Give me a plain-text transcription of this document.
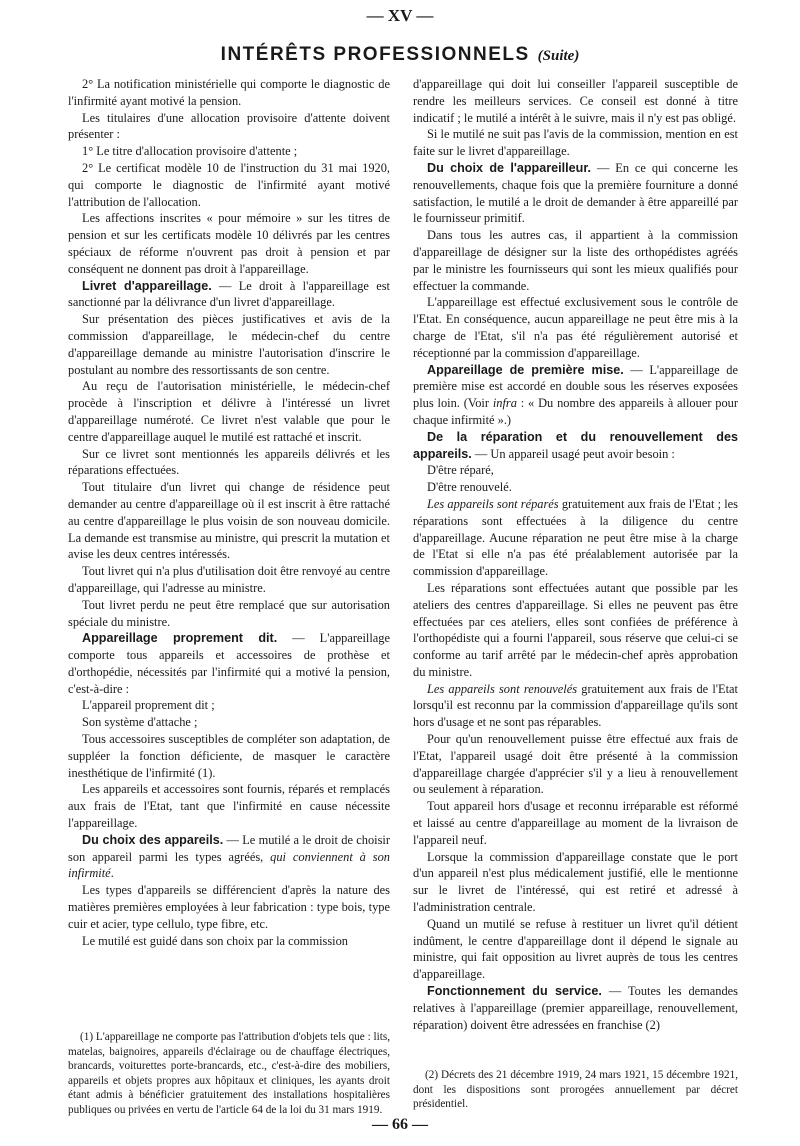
— XV —
INTÉRÊTS PROFESSIONNELS (Suite)

2° La notification ministérielle qui comporte le diagnostic de l'infirmité ayant motivé la pension.

Les titulaires d'une allocation provisoire d'attente doivent présenter :

1° Le titre d'allocation provisoire d'attente ;

2° Le certificat modèle 10 de l'instruction du 31 mai 1920, qui comporte le diagnostic de l'infirmité ayant motivé l'attribution de l'allocation.

Les affections inscrites « pour mémoire » sur les titres de pension et sur les certificats modèle 10 délivrés par les centres spéciaux de réforme n'ouvrent pas droit à pension et par conséquent ne donnent pas droit à l'appareillage.

Livret d'appareillage. — Le droit à l'appareillage est sanctionné par la délivrance d'un livret d'appareillage.

Sur présentation des pièces justificatives et avis de la commission d'appareillage, le médecin-chef du centre d'appareillage demande au ministre l'autorisation d'inscrire le postulant au nombre des ressortissants de son centre.

Au reçu de l'autorisation ministérielle, le médecin-chef procède à l'inscription et délivre à l'intéressé un livret d'appareillage numéroté. Ce livret n'est valable que pour le centre d'appareillage auquel le mutilé est rattaché et inscrit.

Sur ce livret sont mentionnés les appareils délivrés et les réparations effectuées.

Tout titulaire d'un livret qui change de résidence peut demander au centre d'appareillage où il est inscrit à être rattaché au centre d'appareillage le plus voisin de son nouveau domicile. La demande est transmise au ministre, qui prescrit la mutation et avise les deux centres intéressés.

Tout livret qui n'a plus d'utilisation doit être renvoyé au centre d'appareillage, qui l'adresse au ministre.

Tout livret perdu ne peut être remplacé que sur autorisation spéciale du ministre.

Appareillage proprement dit. — L'appareillage comporte tous appareils et accessoires de prothèse et d'orthopédie, nécessités par l'infirmité qui a motivé la pension, c'est-à-dire :

L'appareil proprement dit ;

Son système d'attache ;

Tous accessoires susceptibles de compléter son adaptation, de suppléer la fonction déficiente, de masquer le caractère inesthétique de l'infirmité (1).

Les appareils et accessoires sont fournis, réparés et remplacés aux frais de l'Etat, tant que l'infirmité en cause nécessite l'appareillage.

Du choix des appareils. — Le mutilé a le droit de choisir son appareil parmi les types agréés, qui conviennent à son infirmité.

Les types d'appareils se différencient d'après la nature des matières premières employées à leur fabrication : type bois, type cuir et acier, type cellulo, type fibre, etc.

Le mutilé est guidé dans son choix par la commission

d'appareillage qui doit lui conseiller l'appareil susceptible de rendre les meilleurs services. Ce conseil est donné à titre indicatif ; le mutilé a intérêt à le suivre, mais il n'y est pas obligé.

Si le mutilé ne suit pas l'avis de la commission, mention en est faite sur le livret d'appareillage.

Du choix de l'appareilleur. — En ce qui concerne les renouvellements, chaque fois que la première fourniture a donné satisfaction, le mutilé a le droit de demander à être appareillé par le fournisseur primitif.

Dans tous les autres cas, il appartient à la commission d'appareillage de désigner sur la liste des orthopédistes agréés par le ministre les fournisseurs qui sont les mieux qualifiés pour effectuer la commande.

L'appareillage est effectué exclusivement sous le contrôle de l'Etat. En conséquence, aucun appareillage ne peut être mis à la charge de l'Etat, s'il n'a pas été régulièrement autorisé et réceptionné par la commission d'appareillage.

Appareillage de première mise. — L'appareillage de première mise est accordé en double sous les réserves exposées plus loin. (Voir infra : « Du nombre des appareils à allouer pour chaque infirmité ».)

De la réparation et du renouvellement des appareils. — Un appareil usagé peut avoir besoin :

D'être réparé,

D'être renouvelé.

Les appareils sont réparés gratuitement aux frais de l'Etat ; les réparations sont effectuées à la diligence du centre d'appareillage. Aucune réparation ne peut être mise à la charge de l'Etat si elle n'a pas été préalablement autorisée par la commission d'appareillage.

Les réparations sont effectuées autant que possible par les ateliers des centres d'appareillage. Si elles ne peuvent pas être effectuées par ces ateliers, elles sont confiées de préférence à l'orthopédiste qui a fourni l'appareil, sous réserve que celui-ci se conforme au tarif arrêté par le médecin-chef après approbation du ministre.

Les appareils sont renouvelés gratuitement aux frais de l'Etat lorsqu'il est reconnu par la commission d'appareillage qu'ils sont hors d'usage et ne sont pas réparables.

Pour qu'un renouvellement puisse être effectué aux frais de l'Etat, l'appareil usagé doit être présenté à la commission d'appareillage chargée d'apprécier s'il y a lieu à renouvellement ou seulement à réparation.

Tout appareil hors d'usage et reconnu irréparable est réformé et laissé au centre d'appareillage au moment de la livraison de l'appareil neuf.

Lorsque la commission d'appareillage constate que le port d'un appareil n'est plus médicalement justifié, elle le mentionne sur le livret de l'intéressé, qui est retiré et adressé à l'administration centrale.

Quand un mutilé se refuse à restituer un livret qu'il détient indûment, le centre d'appareillage dont il dépend le signale au ministre, qui fait opposition au livret auprès de tous les centres d'appareillage.

Fonctionnement du service. — Toutes les demandes relatives à l'appareillage (premier appareillage, renouvellement, réparation) doivent être adressées en franchise (2)

(1) L'appareillage ne comporte pas l'attribution d'objets tels que : lits, matelas, baignoires, appareils d'éclairage ou de chauffage électriques, brancards, voiturettes porte-brancards, etc., c'est-à-dire des mobiliers, appareils et objets propres aux hôpitaux et cliniques, les ayants droit étant admis à bénéficier gratuitement des installations hospitalières publiques ou privées en vertu de l'article 64 de la loi du 31 mars 1919.

(2) Décrets des 21 décembre 1919, 24 mars 1921, 15 décembre 1921, dont les dispositions sont prorogées annuellement par décret présidentiel.

— 66 —
